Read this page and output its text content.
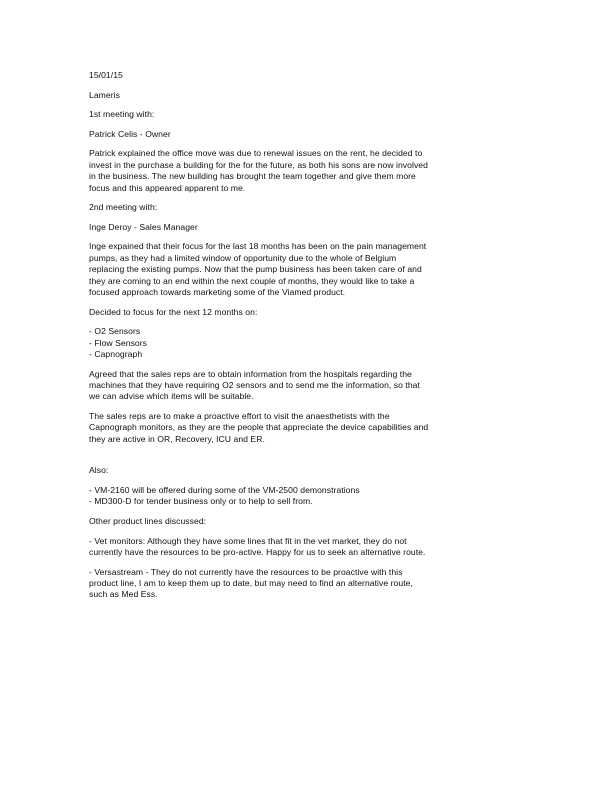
15/01/15
Lameris
1st meeting with:
Patrick Celis - Owner
Patrick explained the office move was due to renewal issues on the rent, he decided to
invest in the purchase a building for the for the future, as both his sons are now involved
in the business. The new building has brought the team together and give them more
focus and this appeared apparent to me.
2nd meeting with:
Inge Deroy - Sales Manager
Inge expained that their focus for the last 18 months has been on the pain management
pumps, as they had a limited window of opportunity due to the whole of Belgium
replacing the existing pumps. Now that the pump business has been taken care of and
they are coming to an end within the next couple of months, they would like to take a
focused approach towards marketing some of the Viamed product.
Decided to focus for the next 12 months on:
- O2 Sensors
- Flow Sensors
- Capnograph
Agreed that the sales reps are to obtain information from the hospitals regarding the
machines that they have requiring O2 sensors and to send me the information, so that
we can advise which items will be suitable.
The sales reps are to make a proactive effort to visit the anaesthetists with the
Capnograph monitors, as they are the people that appreciate the device capabilities and
they are active in OR, Recovery, ICU and ER.
Also:
- VM-2160 will be offered during some of the VM-2500 demonstrations
- MD300-D for tender business only or to help to sell from.
Other product lines discussed:
- Vet monitors: Although they have some lines that fit in the vet market, they do not
currently have the resources to be pro-active. Happy for us to seek an alternative route.
- Versastream - They do not currently have the resources to be proactive with this
product line, I am to keep them up to date, but may need to find an alternative route,
such as Med Ess.
